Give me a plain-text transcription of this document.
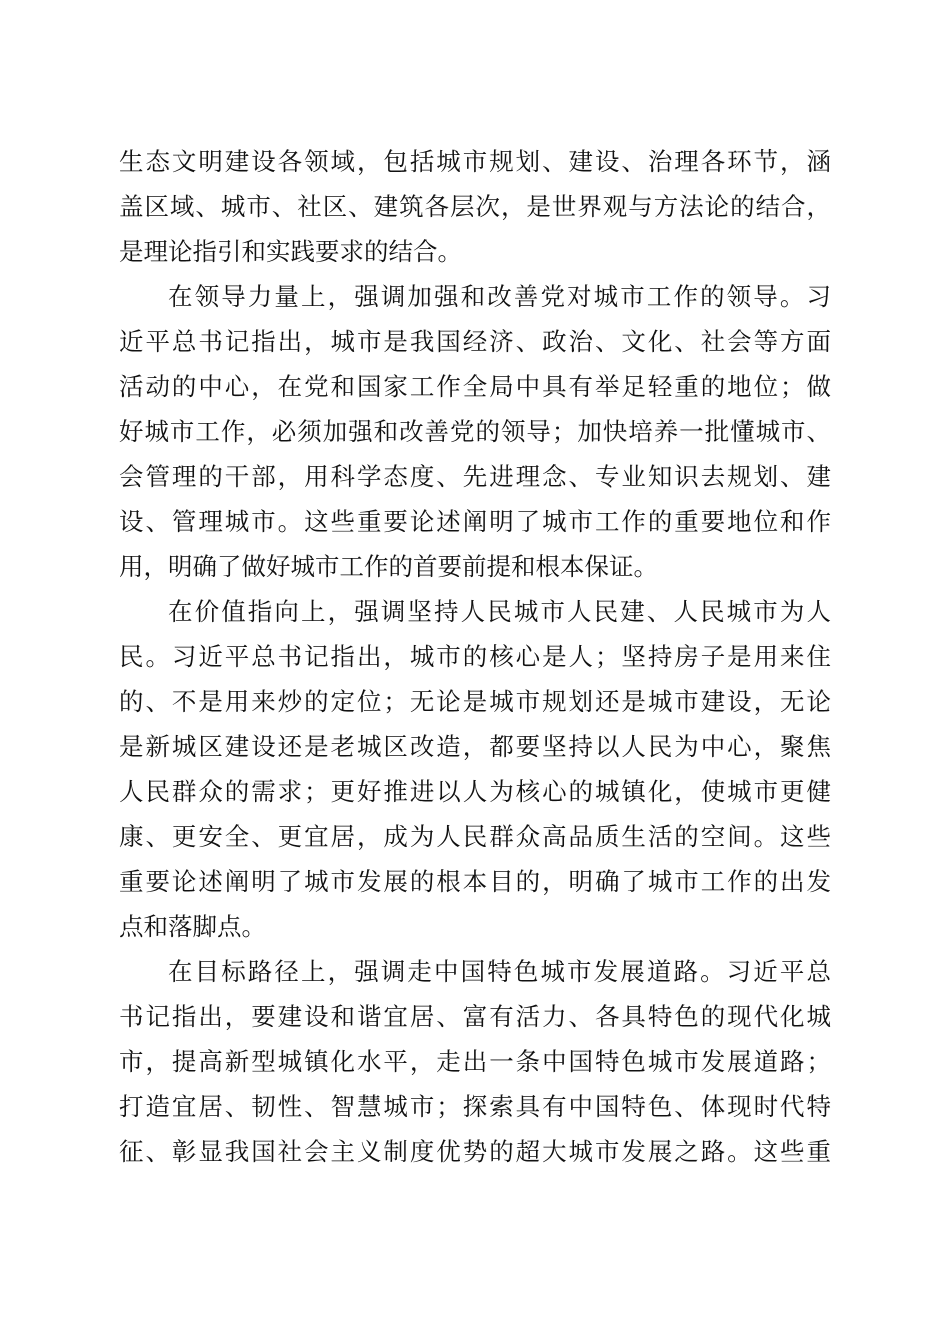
生态文明建设各领域，包括城市规划、建设、治理各环节，涵
盖区域、城市、社区、建筑各层次，是世界观与方法论的结合，
是理论指引和实践要求的结合。
在领导力量上，强调加强和改善党对城市工作的领导。习
近平总书记指出，城市是我国经济、政治、文化、社会等方面
活动的中心，在党和国家工作全局中具有举足轻重的地位；做
好城市工作，必须加强和改善党的领导；加快培养一批懂城市、
会管理的干部，用科学态度、先进理念、专业知识去规划、建
设、管理城市。这些重要论述阐明了城市工作的重要地位和作
用，明确了做好城市工作的首要前提和根本保证。
在价值指向上，强调坚持人民城市人民建、人民城市为人
民。习近平总书记指出，城市的核心是人；坚持房子是用来住
的、不是用来炒的定位；无论是城市规划还是城市建设，无论
是新城区建设还是老城区改造，都要坚持以人民为中心，聚焦
人民群众的需求；更好推进以人为核心的城镇化，使城市更健
康、更安全、更宜居，成为人民群众高品质生活的空间。这些
重要论述阐明了城市发展的根本目的，明确了城市工作的出发
点和落脚点。
在目标路径上，强调走中国特色城市发展道路。习近平总
书记指出，要建设和谐宜居、富有活力、各具特色的现代化城
市，提高新型城镇化水平，走出一条中国特色城市发展道路；
打造宜居、韧性、智慧城市；探索具有中国特色、体现时代特
征、彰显我国社会主义制度优势的超大城市发展之路。这些重
